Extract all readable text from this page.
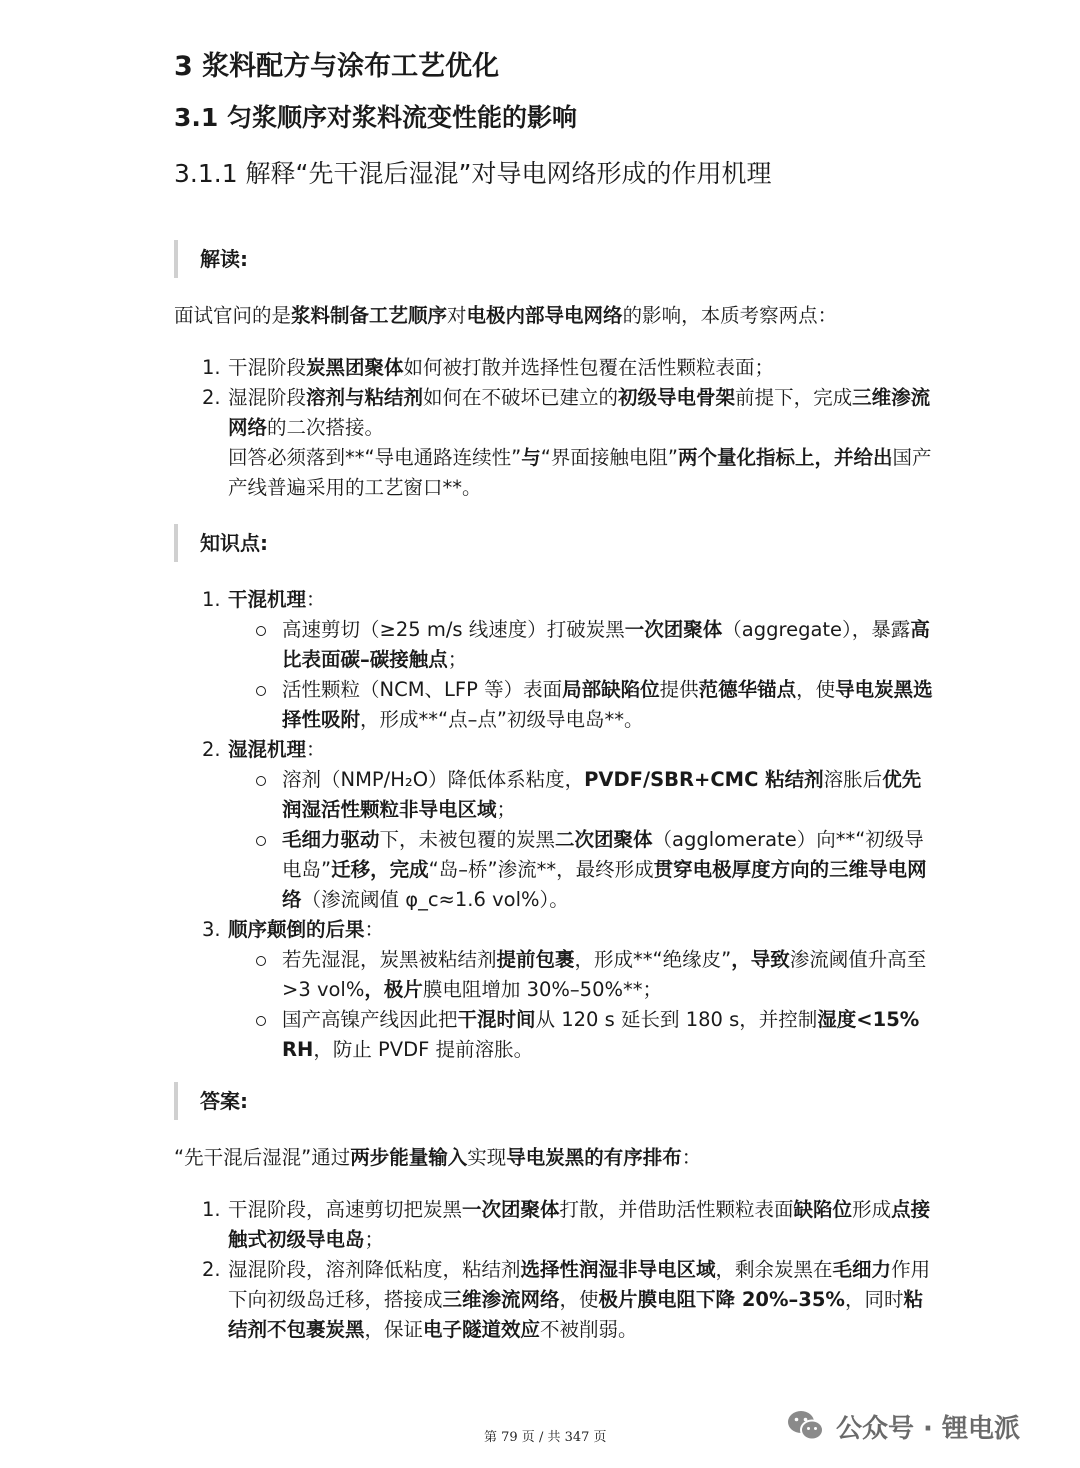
3 浆料配方与涂布工艺优化
3.1 匀浆顺序对浆料流变性能的影响
3.1.1 解释“先干混后湿混”对导电网络形成的作用机理
解读:

面试官问的是浆料制备工艺顺序对电极内部导电网络的影响，本质考察两点：

1. 干混阶段炭黑团聚体如何被打散并选择性包覆在活性颗粒表面；
2. 湿混阶段溶剂与粘结剂如何在不破坏已建立的初级导电骨架前提下，完成三维渗流网络的二次搭接。
回答必须落到**“导电通路连续性”与“界面接触电阻”两个量化指标上，并给出国产产线普遍采用的工艺窗口**。
知识点:
1. 干混机理：
高速剪切（≥25 m/s 线速度）打破炭黑一次团聚体（aggregate），暴露高比表面碳–碳接触点；
活性颗粒（NCM、LFP 等）表面局部缺陷位提供范德华锚点，使导电炭黑选择性吸附，形成**“点–点”初级导电岛**。
2. 湿混机理：
溶剂（NMP/H₂O）降低体系粘度，PVDF/SBR+CMC 粘结剂溶胀后优先润湿活性颗粒非导电区域；
毛细力驱动下，未被包覆的炭黑二次团聚体（agglomerate）向**“初级导电岛”迁移，完成“岛–桥”渗流**，最终形成贯穿电极厚度方向的三维导电网络（渗流阈值 φ_c≈1.6 vol%）。
3. 顺序颠倒的后果：
若先湿混，炭黑被粘结剂提前包裹，形成**“绝缘皮”，导致渗流阈值升高至>3 vol%，极片膜电阻增加 30%–50%**；
国产高镍产线因此把干混时间从 120 s 延长到 180 s，并控制湿度<15% RH，防止 PVDF 提前溶胀。
答案:

“先干混后湿混”通过两步能量输入实现导电炭黑的有序排布：

1. 干混阶段，高速剪切把炭黑一次团聚体打散，并借助活性颗粒表面缺陷位形成点接触式初级导电岛；
2. 湿混阶段，溶剂降低粘度，粘结剂选择性润湿非导电区域，剩余炭黑在毛细力作用下向初级岛迁移，搭接成三维渗流网络，使极片膜电阻下降 20%–35%，同时粘结剂不包裹炭黑，保证电子隧道效应不被削弱。
第 79 页 / 共 347 页	公众号 · 锂电派
